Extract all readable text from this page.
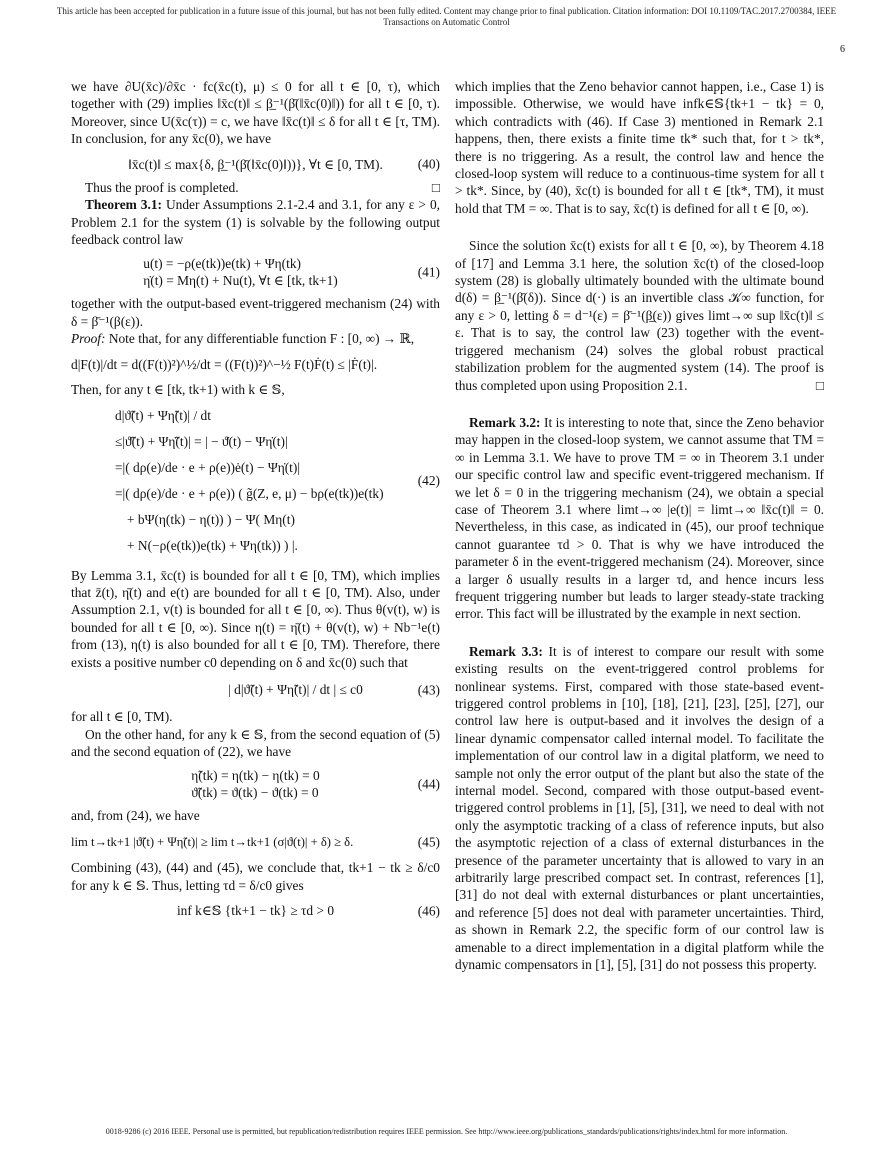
This article has been accepted for publication in a future issue of this journal, but has not been fully edited. Content may change prior to final publication. Citation information: DOI 10.1109/TAC.2017.2700384, IEEE
Transactions on Automatic Control
6

we have ∂U(x̄c)/∂x̄c · fc(x̄c(t), μ) ≤ 0 for all t ∈ [0, τ), which together with (29) implies ‖x̄c(t)‖ ≤ β̲⁻¹(β̄(‖x̄c(0)‖)) for all t ∈ [0, τ). Moreover, since U(x̄c(τ)) = c, we have ‖x̄c(t)‖ ≤ δ for all t ∈ [τ, TM). In conclusion, for any x̄c(0), we have

‖x̄c(t)‖ ≤ max{δ, β̲⁻¹(β̄(‖x̄c(0)‖))}, ∀t ∈ [0, TM).	(40)

Thus the proof is completed.	□

Theorem 3.1: Under Assumptions 2.1-2.4 and 3.1, for any ε > 0, Problem 2.1 for the system (1) is solvable by the following output feedback control law

u(t) = −ρ(e(tk))e(tk) + Ψη(tk)
η̇(t) = Mη(t) + Nu(t), ∀t ∈ [tk, tk+1)
(41)

together with the output-based event-triggered mechanism (24) with δ = β̄⁻¹(β(ε)).

Proof: Note that, for any differentiable function F : [0, ∞) → ℝ,

d|F(t)|/dt = d((F(t))²)^½/dt = ((F(t))²)^−½ F(t)Ḟ(t) ≤ |Ḟ(t)|.

Then, for any t ∈ [tk, tk+1) with k ∈ 𝕊,

d|ϑ̃(t) + Ψη̃(t)| / dt
≤|ϑ̃̇(t) + Ψη̃̇(t)| = | − ϑ̇(t) − Ψη̇(t)|
=|( dρ(e)/de · e + ρ(e))ė(t) − Ψη̇(t)|
=|( dρ(e)/de · e + ρ(e)) ( g̃(Z, e, μ) − bρ(e(tk))e(tk)
+ bΨ(η(tk) − η(t)) ) − Ψ( Mη(t)
+ N(−ρ(e(tk))e(tk) + Ψη(tk)) ) |.
(42)

By Lemma 3.1, x̄c(t) is bounded for all t ∈ [0, TM), which implies that z̄(t), η̄(t) and e(t) are bounded for all t ∈ [0, TM). Also, under Assumption 2.1, v(t) is bounded for all t ∈ [0, ∞). Thus θ(v(t), w) is bounded for all t ∈ [0, ∞). Since η(t) = η̄(t) + θ(v(t), w) + Nb⁻¹e(t) from (13), η(t) is also bounded for all t ∈ [0, TM). Therefore, there exists a positive number c0 depending on δ and x̄c(0) such that

| d|ϑ̃(t) + Ψη̃(t)| / dt | ≤ c0	(43)

for all t ∈ [0, TM).

On the other hand, for any k ∈ 𝕊, from the second equation of (5) and the second equation of (22), we have

η̃(tk) = η(tk) − η(tk) = 0
ϑ̃(tk) = ϑ(tk) − ϑ(tk) = 0
(44)

and, from (24), we have

lim t→tk+1 |ϑ̃(t) + Ψη̃(t)| ≥ lim t→tk+1 (σ|ϑ(t)| + δ) ≥ δ.	(45)

Combining (43), (44) and (45), we conclude that, tk+1 − tk ≥ δ/c0 for any k ∈ 𝕊. Thus, letting τd = δ/c0 gives

inf k∈𝕊 {tk+1 − tk} ≥ τd > 0	(46)

which implies that the Zeno behavior cannot happen, i.e., Case 1) is impossible. Otherwise, we would have infk∈𝕊{tk+1 − tk} = 0, which contradicts with (46). If Case 3) mentioned in Remark 2.1 happens, then, there exists a finite time tk* such that, for t > tk*, there is no triggering. As a result, the control law and hence the closed-loop system will reduce to a continuous-time system for all t > tk*. Since, by (40), x̄c(t) is bounded for all t ∈ [tk*, TM), it must hold that TM = ∞. That is to say, x̄c(t) is defined for all t ∈ [0, ∞).

Since the solution x̄c(t) exists for all t ∈ [0, ∞), by Theorem 4.18 of [17] and Lemma 3.1 here, the solution x̄c(t) of the closed-loop system (28) is globally ultimately bounded with the ultimate bound d(δ) = β̲⁻¹(β̄(δ)). Since d(·) is an invertible class 𝒦∞ function, for any ε > 0, letting δ = d⁻¹(ε) = β̄⁻¹(β̲(ε)) gives limt→∞ sup ‖x̄c(t)‖ ≤ ε. That is to say, the control law (23) together with the event-triggered mechanism (24) solves the global robust practical stabilization problem for the augmented system (14). The proof is thus completed upon using Proposition 2.1.	□

Remark 3.2: It is interesting to note that, since the Zeno behavior may happen in the closed-loop system, we cannot assume that TM = ∞ in Lemma 3.1. We have to prove TM = ∞ in Theorem 3.1 under our specific control law and specific event-triggered mechanism. If we let δ = 0 in the triggering mechanism (24), we obtain a special case of Theorem 3.1 where limt→∞ |e(t)| = limt→∞ ‖x̄c(t)‖ = 0. Nevertheless, in this case, as indicated in (45), our proof technique cannot guarantee τd > 0. That is why we have introduced the parameter δ in the event-triggered mechanism (24). Moreover, since a larger δ usually results in a larger τd, and hence incurs less frequent triggering number but leads to larger steady-state tracking error. This fact will be illustrated by the example in next section.

Remark 3.3: It is of interest to compare our result with some existing results on the event-triggered control problems for nonlinear systems. First, compared with those state-based event-triggered control problems in [10], [18], [21], [23], [25], [27], our control law here is output-based and it involves the design of a linear dynamic compensator called internal model. To facilitate the implementation of our control law in a digital platform, we need to sample not only the error output of the plant but also the state of the internal model. Second, compared with those output-based event-triggered control problems in [1], [5], [31], we need to deal with not only the asymptotic tracking of a class of reference inputs, but also the asymptotic rejection of a class of external disturbances in the presence of the parameter uncertainty that is allowed to vary in an arbitrarily large prescribed compact set. In contrast, references [1], [31] do not deal with external disturbances or plant uncertainties, and reference [5] does not deal with parameter uncertainties. Third, as shown in Remark 2.2, the specific form of our control law is amenable to a direct implementation in a digital platform while the dynamic compensators in [1], [5], [31] do not possess this property.

0018-9286 (c) 2016 IEEE. Personal use is permitted, but republication/redistribution requires IEEE permission. See http://www.ieee.org/publications_standards/publications/rights/index.html for more information.
